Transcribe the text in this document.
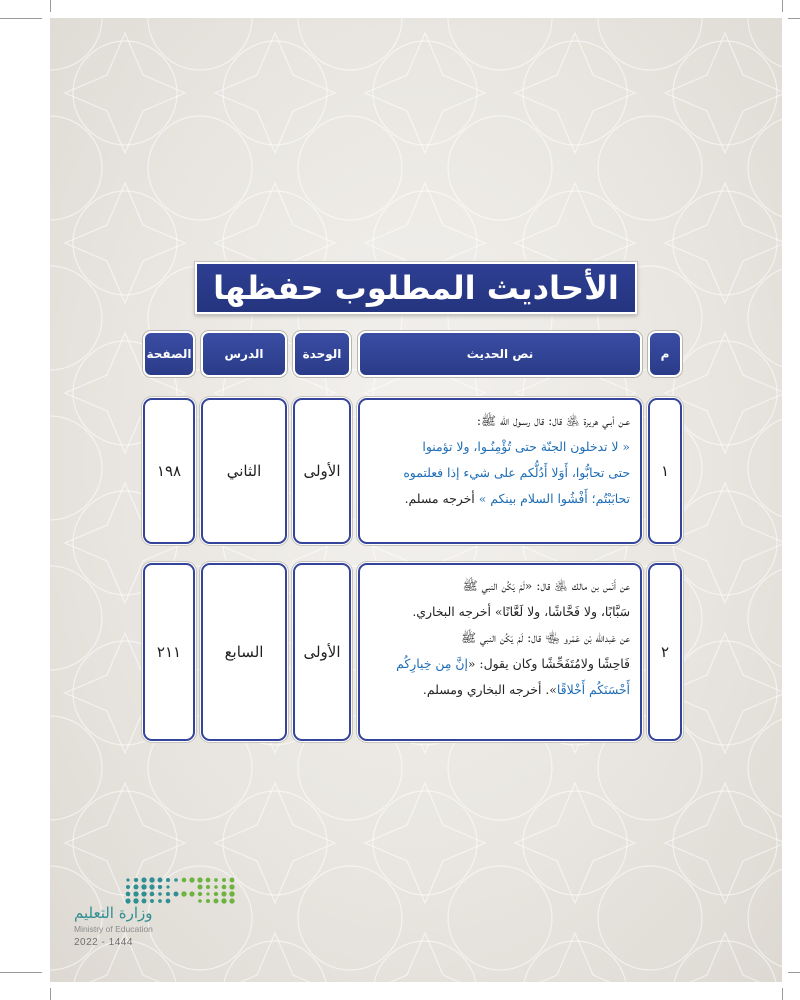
الأحاديث المطلوب حفظها
م
نص الحديث
الوحدة
الدرس
الصفحة
١
عـن أبـي هريرة ﵁ قال: قال رسـول الله ﷺ:
« لا تدخلون الجنّة حتى تُؤْمِنُـوا، ولا تؤمنوا
حتى تحابُّوا، أَوَلا أَدُلُّكم على شيء إذا فعلتموه
تحابَبْتُم؛ أَفْشُوا السلام بينكم » أخرجه مسلم.
الأولى
الثاني
١٩٨
٢
عن أَنَس بن مالك ﵁ قال: «لَمْ يَكُن النبي ﷺ
سَبَّابًا، ولا فَحَّاشًا، ولا لَعَّانًا» أخرجه البخاري.
عن عَبدالله بْن عَمْرو ﵄ قال: لَمْ يَكُن النبي ﷺ
فَاحِشًا ولامُتَفَحِّشًا وكان يقول: «إنَّ مِن خِيارِكُم
أَحْسَنَكُم أَخْلاقًا». أخرجه البخاري ومسلم.
الأولى
السابع
٢١١
وزارة التعليم
Ministry of Education
2022 - 1444
